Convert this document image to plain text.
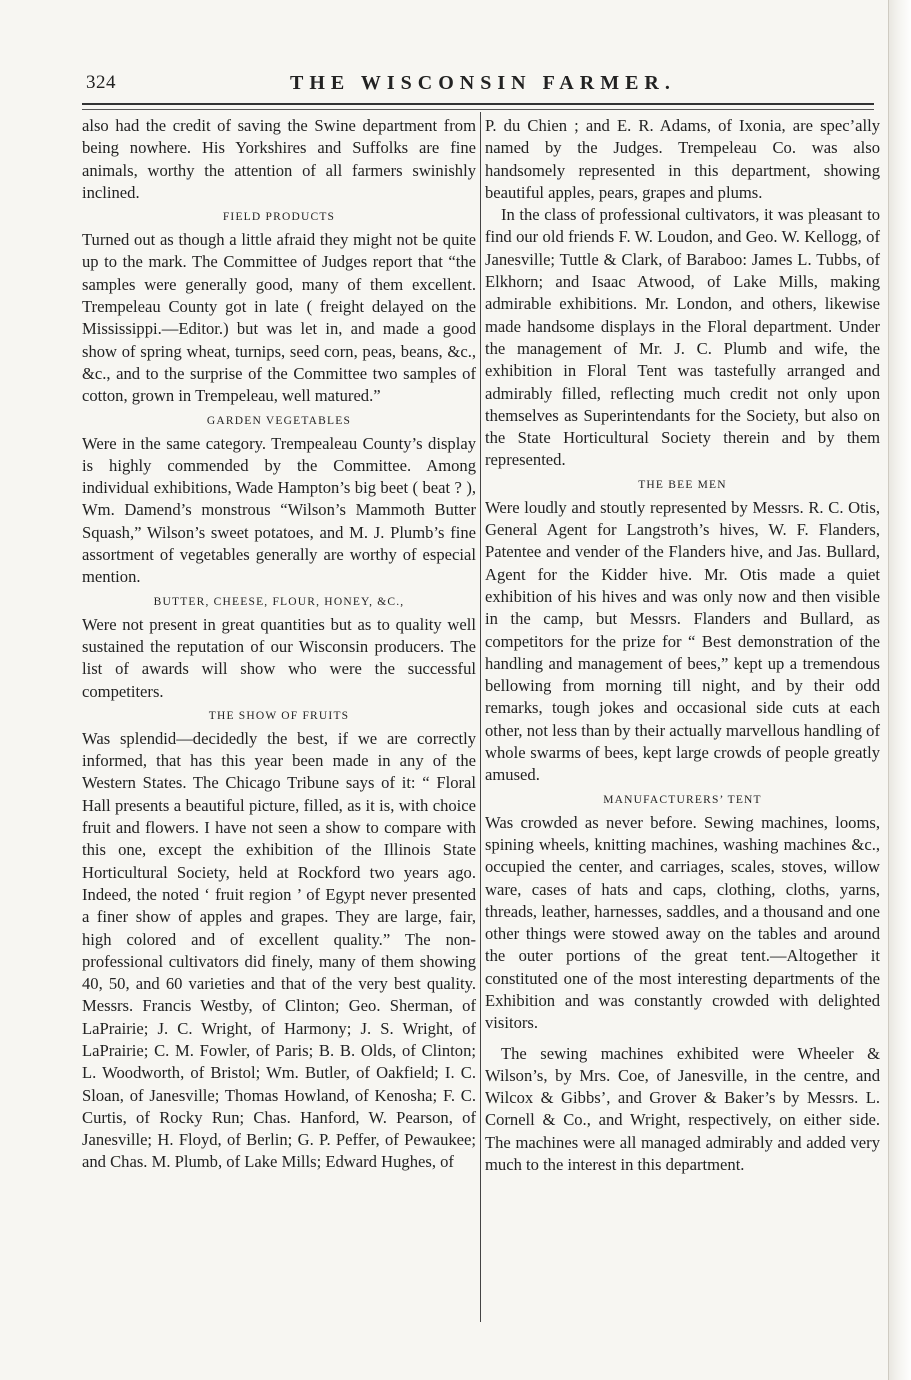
324	THE WISCONSIN FARMER.

also had the credit of saving the Swine department from being nowhere. His Yorkshires and Suffolks are fine animals, worthy the attention of all farmers swinishly inclined.

FIELD PRODUCTS

Turned out as though a little afraid they might not be quite up to the mark. The Committee of Judges report that “the samples were generally good, many of them excellent. Trempeleau County got in late ( freight delayed on the Mississippi.—Editor.) but was let in, and made a good show of spring wheat, turnips, seed corn, peas, beans, &c., &c., and to the surprise of the Committee two samples of cotton, grown in Trempeleau, well matured.”

GARDEN VEGETABLES

Were in the same category. Trempealeau County’s display is highly commended by the Committee. Among individual exhibitions, Wade Hampton’s big beet ( beat ? ), Wm. Damend’s monstrous “Wilson’s Mammoth Butter Squash,” Wilson’s sweet potatoes, and M. J. Plumb’s fine assortment of vegetables generally are worthy of especial mention.

BUTTER, CHEESE, FLOUR, HONEY, &C.,

Were not present in great quantities but as to quality well sustained the reputation of our Wisconsin producers. The list of awards will show who were the successful competiters.

THE SHOW OF FRUITS

Was splendid—decidedly the best, if we are correctly informed, that has this year been made in any of the Western States. The Chicago Tribune says of it: “ Floral Hall presents a beautiful picture, filled, as it is, with choice fruit and flowers. I have not seen a show to compare with this one, except the exhibition of the Illinois State Horticultural Society, held at Rockford two years ago. Indeed, the noted ‘ fruit region ’ of Egypt never presented a finer show of apples and grapes. They are large, fair, high colored and of excellent quality.” The non-professional cultivators did finely, many of them showing 40, 50, and 60 varieties and that of the very best quality. Messrs. Francis Westby, of Clinton; Geo. Sherman, of LaPrairie; J. C. Wright, of Harmony; J. S. Wright, of LaPrairie; C. M. Fowler, of Paris; B. B. Olds, of Clinton; L. Woodworth, of Bristol; Wm. Butler, of Oakfield; I. C. Sloan, of Janesville; Thomas Howland, of Kenosha; F. C. Curtis, of Rocky Run; Chas. Hanford, W. Pearson, of Janesville; H. Floyd, of Berlin; G. P. Peffer, of Pewaukee; and Chas. M. Plumb, of Lake Mills; Edward Hughes, of

P. du Chien ; and E. R. Adams, of Ixonia, are spec’ally named by the Judges. Trempeleau Co. was also handsomely represented in this department, showing beautiful apples, pears, grapes and plums.

In the class of professional cultivators, it was pleasant to find our old friends F. W. Loudon, and Geo. W. Kellogg, of Janesville; Tuttle & Clark, of Baraboo: James L. Tubbs, of Elkhorn; and Isaac Atwood, of Lake Mills, making admirable exhibitions. Mr. London, and others, likewise made handsome displays in the Floral department. Under the management of Mr. J. C. Plumb and wife, the exhibition in Floral Tent was tastefully arranged and admirably filled, reflecting much credit not only upon themselves as Superintendants for the Society, but also on the State Horticultural Society therein and by them represented.

THE BEE MEN

Were loudly and stoutly represented by Messrs. R. C. Otis, General Agent for Langstroth’s hives, W. F. Flanders, Patentee and vender of the Flanders hive, and Jas. Bullard, Agent for the Kidder hive. Mr. Otis made a quiet exhibition of his hives and was only now and then visible in the camp, but Messrs. Flanders and Bullard, as competitors for the prize for “ Best demonstration of the handling and management of bees,” kept up a tremendous bellowing from morning till night, and by their odd remarks, tough jokes and occasional side cuts at each other, not less than by their actually marvellous handling of whole swarms of bees, kept large crowds of people greatly amused.

MANUFACTURERS’ TENT

Was crowded as never before. Sewing machines, looms, spining wheels, knitting machines, washing machines &c., occupied the center, and carriages, scales, stoves, willow ware, cases of hats and caps, clothing, cloths, yarns, threads, leather, harnesses, saddles, and a thousand and one other things were stowed away on the tables and around the outer portions of the great tent.—Altogether it constituted one of the most interesting departments of the Exhibition and was constantly crowded with delighted visitors.

The sewing machines exhibited were Wheeler & Wilson’s, by Mrs. Coe, of Janesville, in the centre, and Wilcox & Gibbs’, and Grover & Baker’s by Messrs. L. Cornell & Co., and Wright, respectively, on either side. The machines were all managed admirably and added very much to the interest in this department.
